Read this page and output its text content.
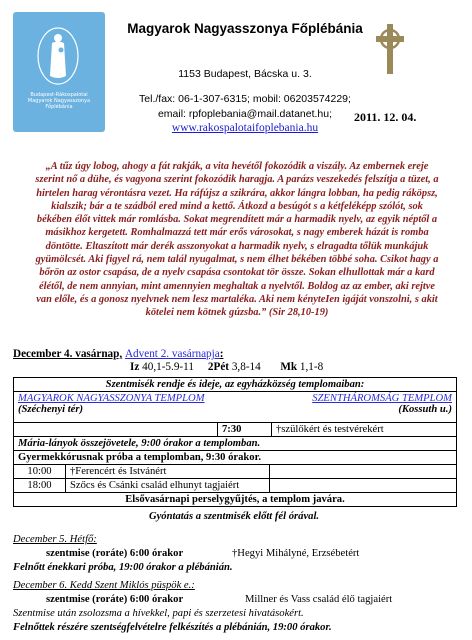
Budapest-Rákospalotai
Magyarok Nagyasszonya
Főplébánia
Magyarok Nagyasszonya Főplébánia
1153 Budapest, Bácska u. 3.
Tel./fax: 06-1-307-6315; mobil: 06203574229;
email: rpfoplebania@mail.datanet.hu;
www.rakospalotaifoplebania.hu
2011. 12. 04.
„A tűz úgy lobog, ahogy a fát rakják, a vita hevétől fokozódik a viszály. Az embernek ereje szerint nő a dühe, és vagyona szerint fokozódik haragja. A parázs veszekedés felszítja a tüzet, a hirtelen harag vérontásra vezet. Ha ráfújsz a szikrára, akkor lángra lobban, ha pedig ráköpsz, kialszik; bár a te szádból ered mind a kettő. Átkozd a besúgót s a kétfeléképp szólót, sok békében élőt vittek már romlásba. Sokat megrendített már a harmadik nyelv, az egyik néptől a másikhoz kergetett. Romhalmazzá tett már erős városokat, s nagy emberek házát is romba döntötte. Eltaszított már derék asszonyokat a harmadik nyelv, s elragadta tőlük munkájuk gyümölcsét. Aki figyel rá, nem talál nyugalmat, s nem élhet békében többé soha. Csikot hagy a bőrön az ostor csapása, de a nyelv csapása csontokat tör össze. Sokan elhullottak már a kard élétől, de nem annyian, mint amennyien meghaltak a nyelvtől. Boldog az az ember, aki rejtve van előle, és a gonosz nyelvnek nem lesz martaléka. Aki nem kényteIen igáját vonszolni, s akit kötelei nem kötnek gúzsba.” (Sir 28,10-19)
December 4. vasárnap, Advent 2. vasárnapja:
Iz 40,1-5.9-11 2Pét 3,8-14 Mk 1,1-8
Szentmisék rendje és ideje, az egyházközség templomaiban:
MAGYAROK NAGYASSZONYA TEMPLOM
(Széchenyi tér)
SZENTHÁROMSÁG TEMPLOM
(Kossuth u.)
7:30	†szülőkért és testvérekért
Mária-lányok összejövetele, 9:00 órakor a templomban.
Gyermekkórusnak próba a templomban, 9:30 órakor.
10:00	†Ferencért és Istvánért
18:00	Szőcs és Csánki család elhunyt tagjaiért
Elsővasárnapi perselygyűjtés, a templom javára.
Gyóntatás a szentmisék előtt fél órával.
December 5. Hétfő:
szentmise (roráte) 6:00 órakor	†Hegyi Mihályné, Erzsébetért
Felnőtt énekkari próba, 19:00 órakor a plébánián.
December 6. Kedd Szent Miklós püspök e.:
szentmise (roráte) 6:00 órakor	Millner és Vass család élő tagjaiért
Szentmise után zsolozsma a hívekkel, papi és szerzetesi hivatásokért.
Felnőttek részére szentségfelvételre felkészítés a plébánián, 19:00 órakor.
